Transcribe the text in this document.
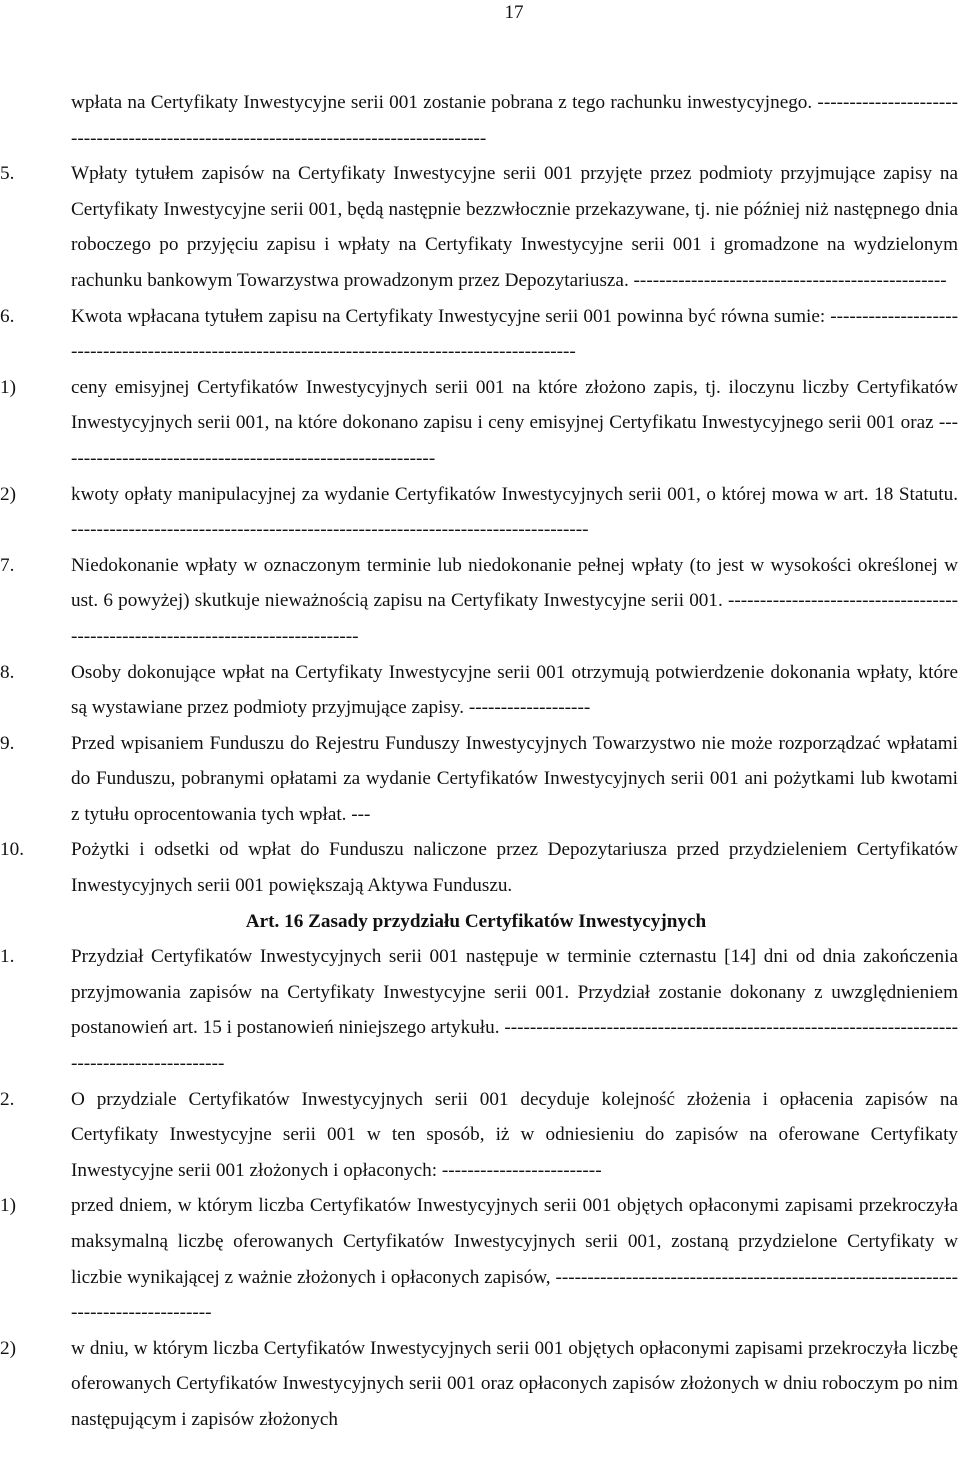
17
wpłata na Certyfikaty Inwestycyjne serii 001 zostanie pobrana z tego rachunku inwestycyjnego. ---------------------------------------------------------------------------------------
5.	Wpłaty tytułem zapisów na Certyfikaty Inwestycyjne serii 001 przyjęte przez podmioty przyjmujące zapisy na Certyfikaty Inwestycyjne serii 001, będą następnie bezzwłocznie przekazywane, tj. nie później niż następnego dnia roboczego po przyjęciu zapisu i wpłaty na Certyfikaty Inwestycyjne serii 001 i gromadzone na wydzielonym rachunku bankowym Towarzystwa prowadzonym przez Depozytariusza. -------------------------------------------------
6.	Kwota wpłacana tytułem zapisu na Certyfikaty Inwestycyjne serii 001 powinna być równa sumie: ---------------------------------------------------------------------------------------------------
1)	ceny emisyjnej Certyfikatów Inwestycyjnych serii 001 na które złożono zapis, tj. iloczynu liczby Certyfikatów Inwestycyjnych serii 001, na które dokonano zapisu i ceny emisyjnej Certyfikatu Inwestycyjnego serii 001 oraz ------------------------------------------------------------
2)	kwoty opłaty manipulacyjnej za wydanie Certyfikatów Inwestycyjnych serii 001, o której mowa w art. 18 Statutu. ---------------------------------------------------------------------------------
7.	Niedokonanie wpłaty w oznaczonym terminie lub niedokonanie pełnej wpłaty (to jest w wysokości określonej w ust. 6 powyżej) skutkuje nieważnością zapisu na Certyfikaty Inwestycyjne serii 001. ---------------------------------------------------------------------------------
8.	Osoby dokonujące wpłat na Certyfikaty Inwestycyjne serii 001 otrzymują potwierdzenie dokonania wpłaty, które są wystawiane przez podmioty przyjmujące zapisy. -------------------
9.	Przed wpisaniem Funduszu do Rejestru Funduszy Inwestycyjnych Towarzystwo nie może rozporządzać wpłatami do Funduszu, pobranymi opłatami za wydanie Certyfikatów Inwestycyjnych serii 001 ani pożytkami lub kwotami z tytułu oprocentowania tych wpłat. ---
10. Pożytki i odsetki od wpłat do Funduszu naliczone przez Depozytariusza przed przydzieleniem Certyfikatów Inwestycyjnych serii 001 powiększają Aktywa Funduszu.
Art. 16 Zasady przydziału Certyfikatów Inwestycyjnych
1.	Przydział Certyfikatów Inwestycyjnych serii 001 następuje w terminie czternastu [14] dni od dnia zakończenia przyjmowania zapisów na Certyfikaty Inwestycyjne serii 001. Przydział zostanie dokonany z uwzględnieniem postanowień art. 15 i postanowień niniejszego artykułu. -----------------------------------------------------------------------------------------------
2.	O przydziale Certyfikatów Inwestycyjnych serii 001 decyduje kolejność złożenia i opłacenia zapisów na Certyfikaty Inwestycyjne serii 001 w ten sposób, iż w odniesieniu do zapisów na oferowane Certyfikaty Inwestycyjne serii 001 złożonych i opłaconych: -------------------------
1)	przed dniem, w którym liczba Certyfikatów Inwestycyjnych serii 001 objętych opłaconymi zapisami przekroczyła maksymalną liczbę oferowanych Certyfikatów Inwestycyjnych serii 001, zostaną przydzielone Certyfikaty w liczbie wynikającej z ważnie złożonych i opłaconych zapisów, -------------------------------------------------------------------------------------
2)	w dniu, w którym liczba Certyfikatów Inwestycyjnych serii 001 objętych opłaconymi zapisami przekroczyła liczbę oferowanych Certyfikatów Inwestycyjnych serii 001 oraz opłaconych zapisów złożonych w dniu roboczym po nim następującym i zapisów złożonych
